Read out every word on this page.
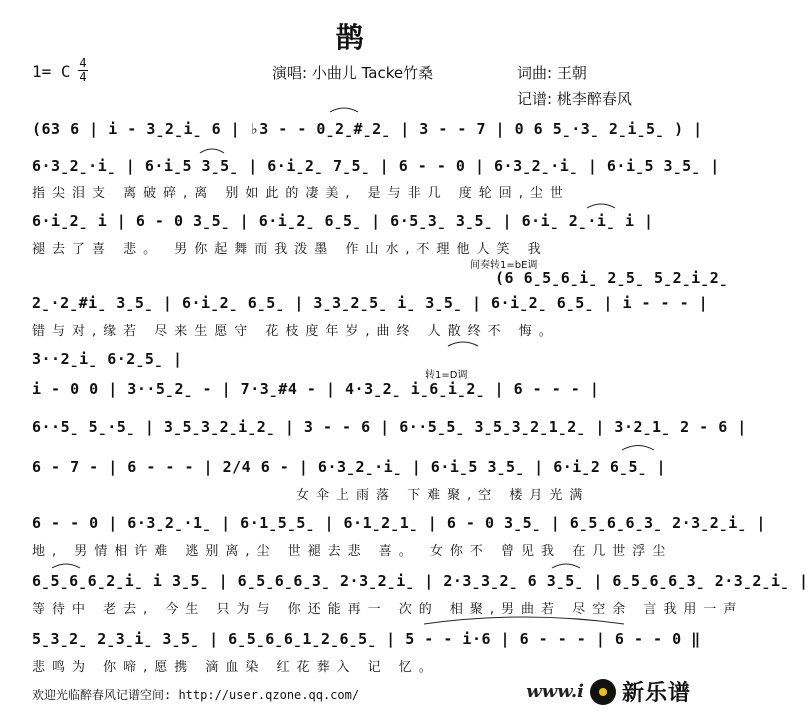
鹊
1= C 4
4	演唱: 小曲儿 Tacke竹桑	词曲: 王朝
记谱: 桃李醉春风
(63 6 | i - 3̱2̱i̱ 6 | ♭3 - - 0̱2̱#̱2̱ | 3 - - 7 | 0 6 5̱·3̱ 2̱i̱5̱ ) |
6·3̱2̱·i̱ | 6·i̱5 3̱5̱ | 6·i̱2̱ 7̱5̱ | 6 - - 0 | 6·3̱2̱·i̱ | 6·i̱5 3̱5̱ |
指尖泪支 离破碎,离 别如此的凄美, 是与非几 度轮回,尘世
6·i̱2̱ i | 6 - 0 3̱5̱ | 6·i̱2̱ 6̱5̱ | 6·5̱3̱ 3̱5̱ | 6·i̱ 2̱·i̱ i |
褪去了喜 悲。 男你起舞而我泼墨 作山水,不理他人笑 我
间奏转1=bE调
(6 6̱5̱6̱i̱ 2̱5̱ 5̱2̱i̱2̱
2̱·2̱#i̱ 3̱5̱ | 6·i̱2̱ 6̱5̱ | 3̱3̱2̱5̱ i̱ 3̱5̱ | 6·i̱2̱ 6̱5̱ | i - - - |
错与对,缘若 尽来生愿守 花枝度年岁,曲终 人散终不 悔。
3··2̱i̱ 6·2̱5̱ |
转1=D调
i - 0 0 | 3··5̱2̱ - | 7·3̱#4 - | 4·3̱2̱ i̱6̱i̱2̱ | 6 - - - |
6··5̱ 5̱·5̱ | 3̱5̱3̱2̱i̱2̱ | 3 - - 6 | 6··5̱5̱ 3̱5̱3̱2̱1̱2̱ | 3·2̱1̱ 2 - 6 |
6 - 7 - | 6 - - - | 2/4 6 - | 6·3̱2̱·i̱ | 6·i̱5 3̱5̱ | 6·i̱2 6̱5̱ |
女伞上雨落 下难聚,空 楼月光满
6 - - 0 | 6·3̱2̱·1̱ | 6·1̱5̱5̱ | 6·1̱2̱1̱ | 6 - 0 3̱5̱ | 6̱5̱6̱6̱3̱ 2·3̱2̱i̱ |
地, 男情相许难 逃别离,尘 世褪去悲 喜。 女你不 曾见我 在几世浮尘
6̱5̱6̱6̱2̱i̱ i 3̱5̱ | 6̱5̱6̱6̱3̱ 2·3̱2̱i̱ | 2·3̱3̱2̱ 6 3̱5̱ | 6̱5̱6̱6̱3̱ 2·3̱2̱i̱ |
等待中 老去, 今生 只为与 你还能再一 次的 相聚,男曲若 尽空余 言我用一声
5̱3̱2̱ 2̱3̱i̱ 3̱5̱ | 6̱5̱6̱6̱1̱2̱6̱5̱ | 5 - - i·6 | 6 - - - | 6 - - 0 ‖
悲鸣为 你啼,愿携 滴血染 红花葬入 记 忆。
欢迎光临醉春风记谱空间: http://user.qzone.qq.com/	www.i 新乐谱
